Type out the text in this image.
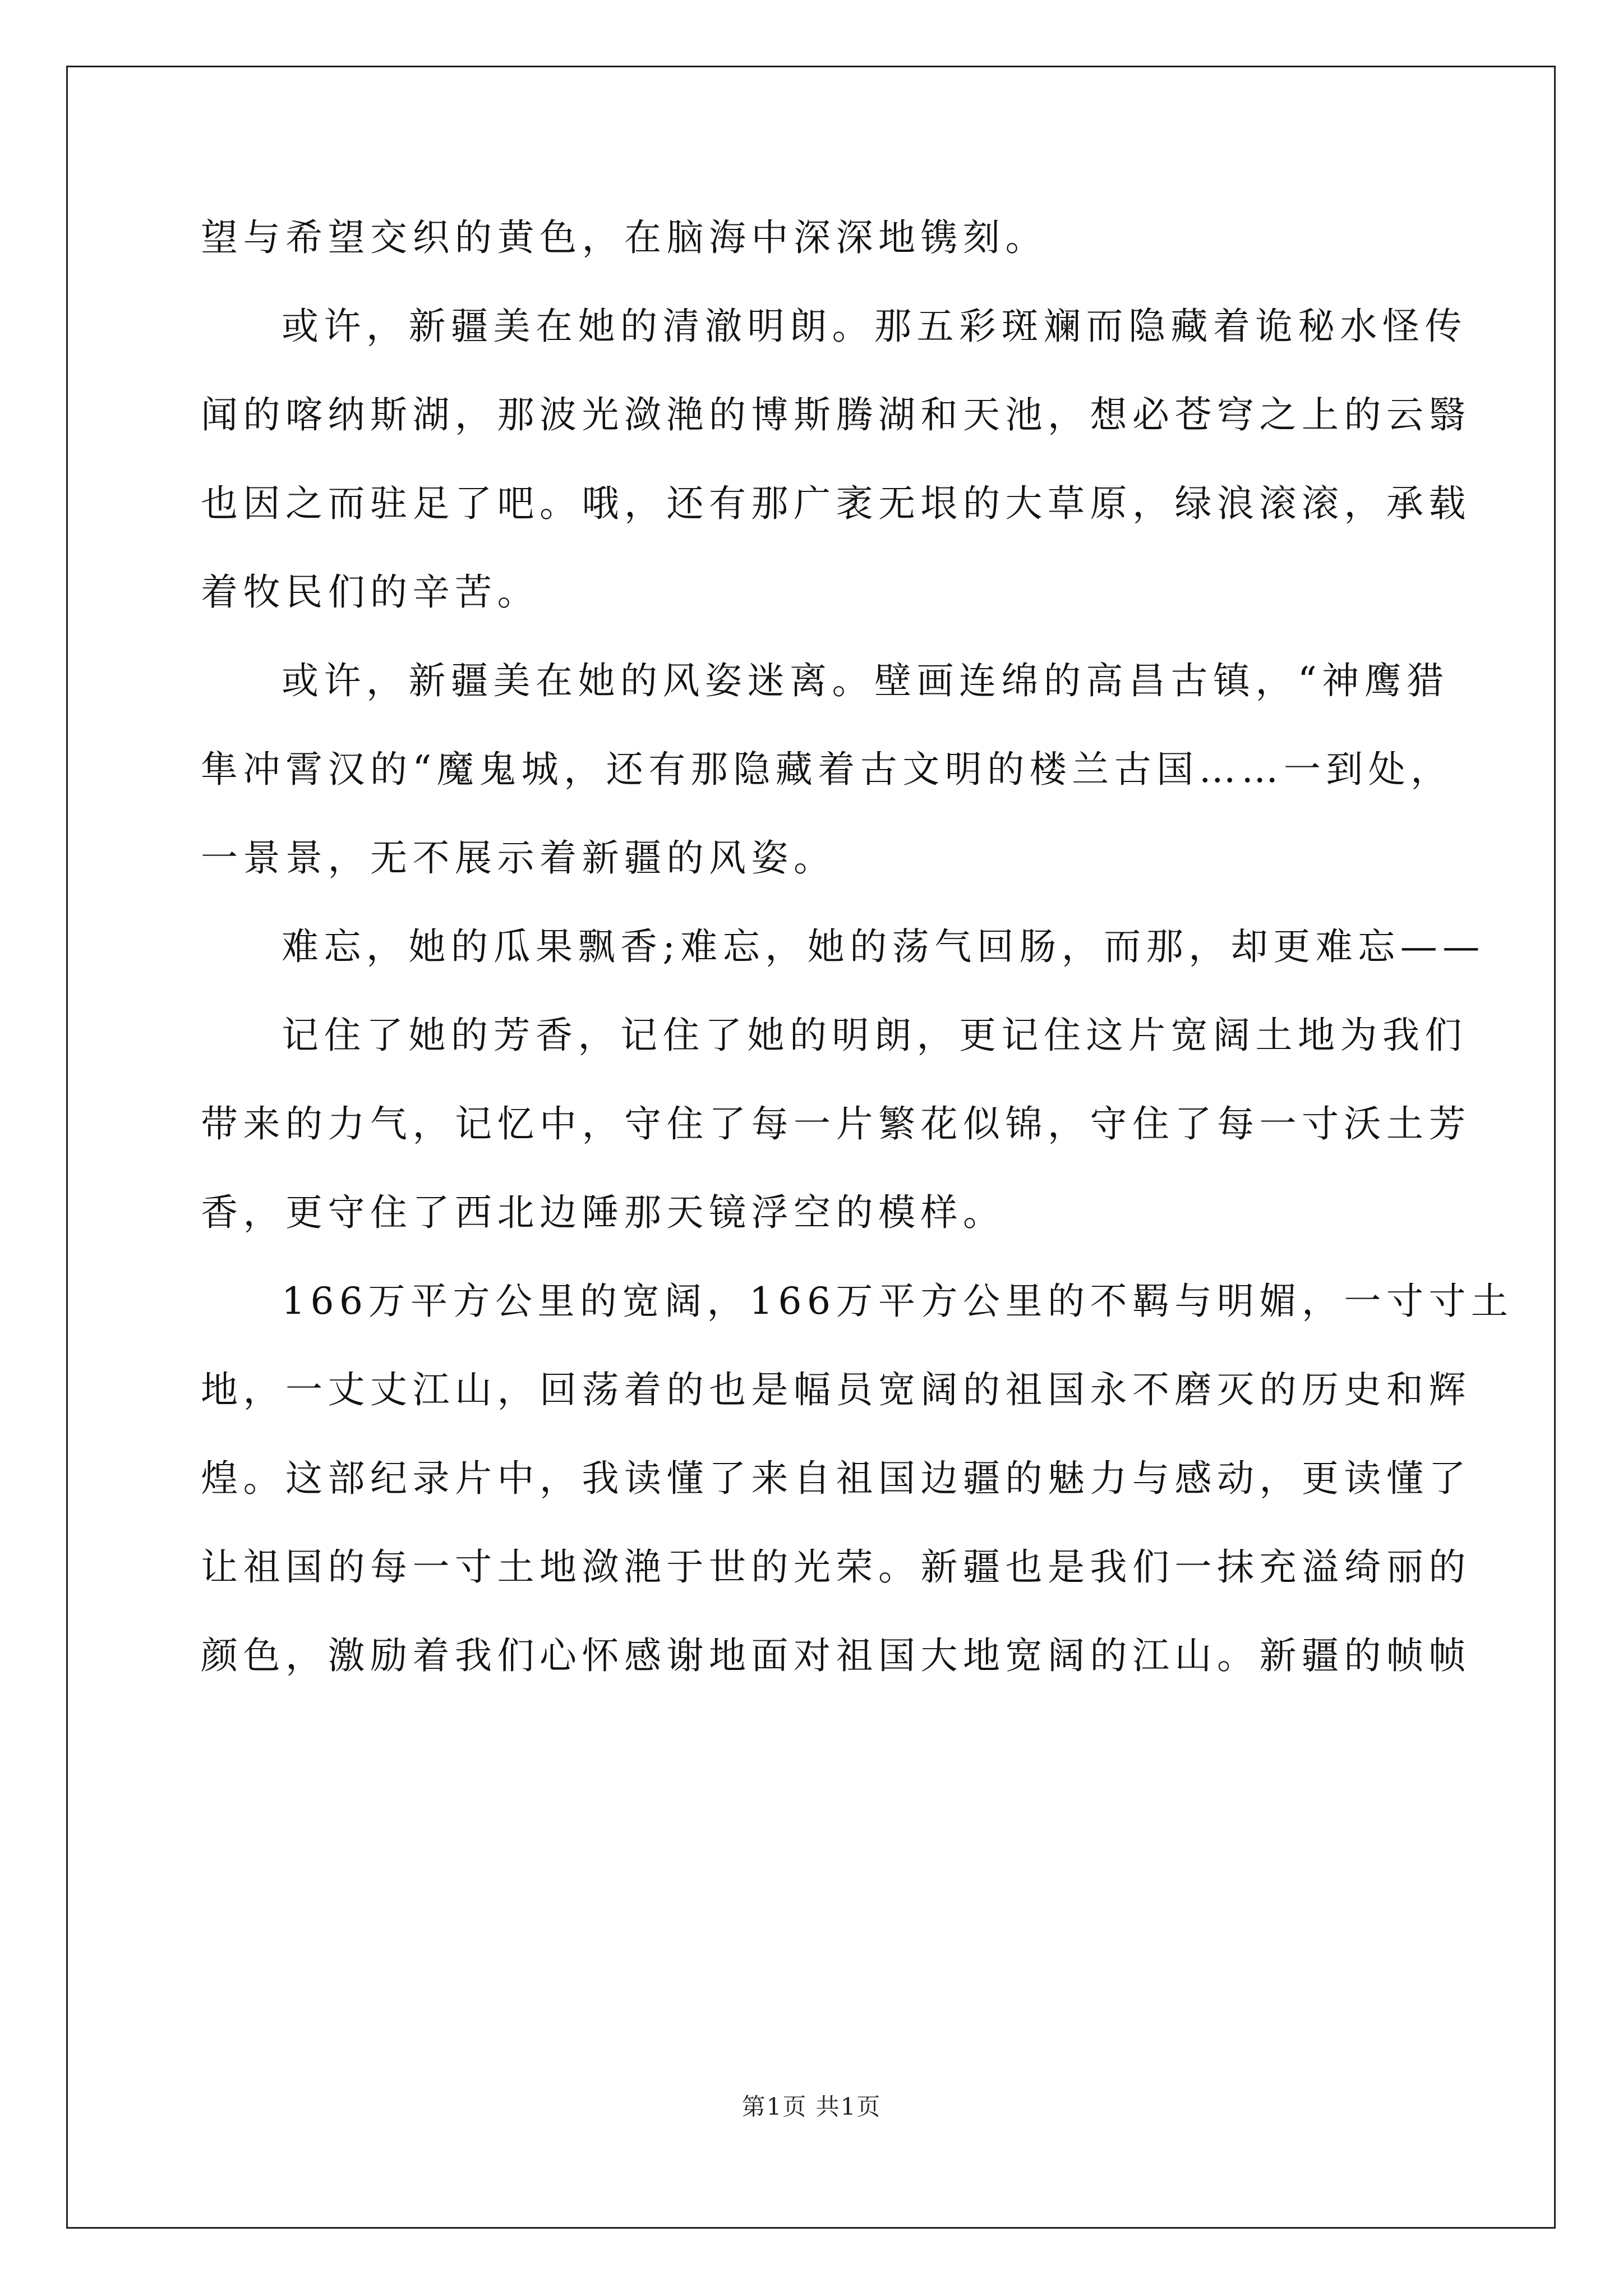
望与希望交织的黄色，在脑海中深深地镌刻。
或许，新疆美在她的清澈明朗。那五彩斑斓而隐藏着诡秘水怪传
闻的喀纳斯湖，那波光潋滟的博斯腾湖和天池，想必苍穹之上的云翳
也因之而驻足了吧。哦，还有那广袤无垠的大草原，绿浪滚滚，承载
着牧民们的辛苦。
或许，新疆美在她的风姿迷离。壁画连绵的高昌古镇，“神鹰猎
隼冲霄汉的“魔鬼城，还有那隐藏着古文明的楼兰古国……一到处，
一景景，无不展示着新疆的风姿。
难忘，她的瓜果飘香;难忘，她的荡气回肠，而那，却更难忘——
记住了她的芳香，记住了她的明朗，更记住这片宽阔土地为我们
带来的力气，记忆中，守住了每一片繁花似锦，守住了每一寸沃土芳
香，更守住了西北边陲那天镜浮空的模样。
166万平方公里的宽阔，166万平方公里的不羁与明媚，一寸寸土
地，一丈丈江山，回荡着的也是幅员宽阔的祖国永不磨灭的历史和辉
煌。这部纪录片中，我读懂了来自祖国边疆的魅力与感动，更读懂了
让祖国的每一寸土地潋滟于世的光荣。新疆也是我们一抹充溢绮丽的
颜色，激励着我们心怀感谢地面对祖国大地宽阔的江山。新疆的帧帧
第1页 共1页
